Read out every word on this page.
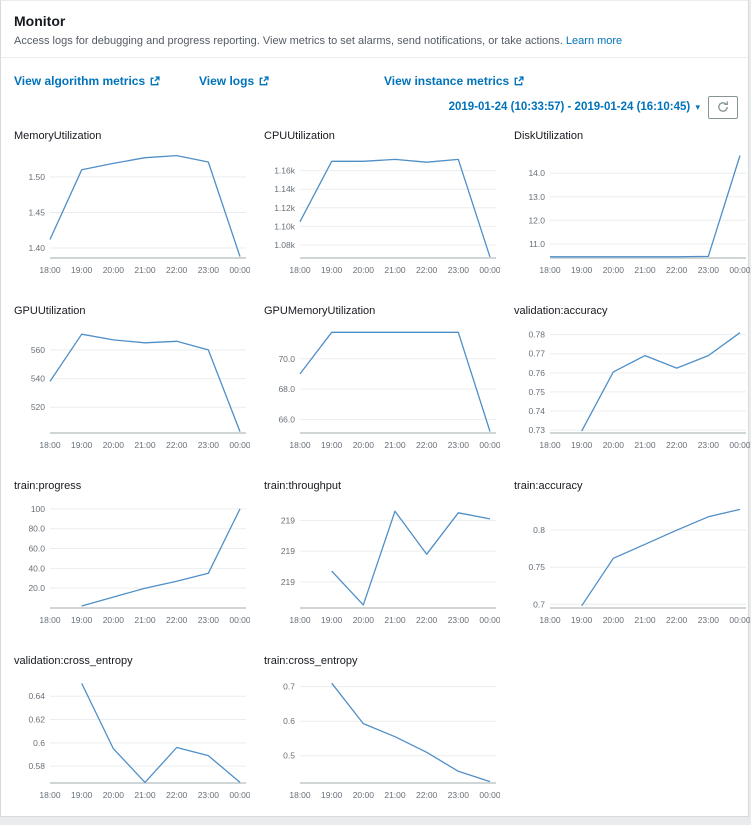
Monitor
Access logs for debugging and progress reporting. View metrics to set alarms, send notifications, or take actions. Learn more
View algorithm metrics	View logs	View instance metrics
2019-01-24 (10:33:57) - 2019-01-24 (16:10:45) ▾
MemoryUtilization
1.50
1.45
1.40
18:00 19:00 20:00 21:00 22:00 23:00 00:00
CPUUtilization
1.16k
1.14k
1.12k
1.10k
1.08k
18:00 19:00 20:00 21:00 22:00 23:00 00:00
DiskUtilization
14.0
13.0
12.0
11.0
18:00 19:00 20:00 21:00 22:00 23:00 00:00
GPUUtilization
560
540
520
18:00 19:00 20:00 21:00 22:00 23:00 00:00
GPUMemoryUtilization
70.0
68.0
66.0
18:00 19:00 20:00 21:00 22:00 23:00 00:00
validation:accuracy
0.78
0.77
0.76
0.75
0.74
0.73
18:00 19:00 20:00 21:00 22:00 23:00 00:00
train:progress
100
80.0
60.0
40.0
20.0
18:00 19:00 20:00 21:00 22:00 23:00 00:00
train:throughput
219
219
219
18:00 19:00 20:00 21:00 22:00 23:00 00:00
train:accuracy
0.8
0.75
0.7
18:00 19:00 20:00 21:00 22:00 23:00 00:00
validation:cross_entropy
0.64
0.62
0.6
0.58
18:00 19:00 20:00 21:00 22:00 23:00 00:00
train:cross_entropy
0.7
0.6
0.5
18:00 19:00 20:00 21:00 22:00 23:00 00:00
